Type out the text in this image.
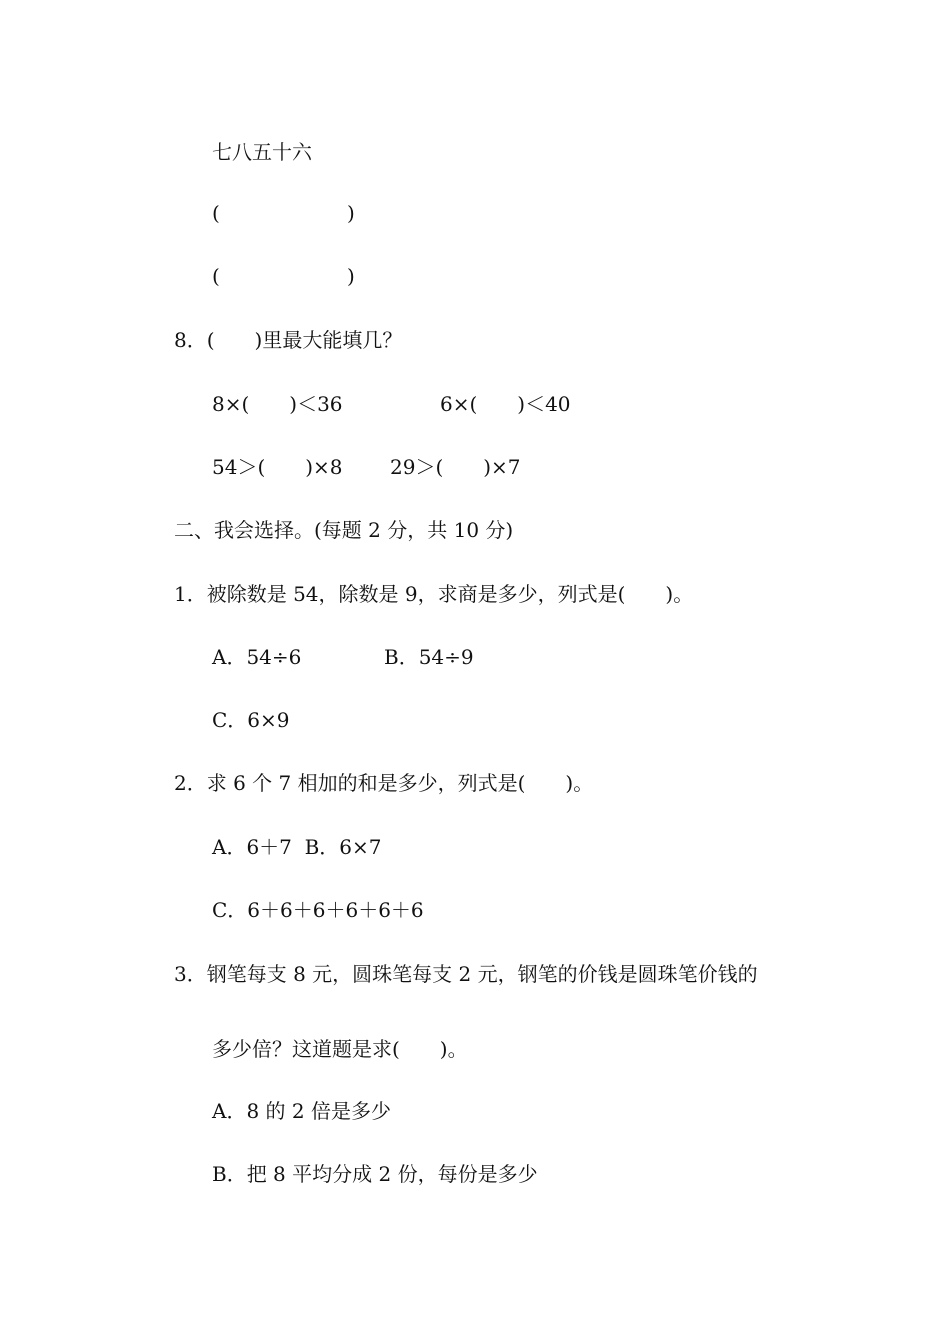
七八五十六
(                    )
(                    )
8．(　　)里最大能填几？
8×(　　)＜36	6×(　　)＜40
54＞(　　)×8 29＞(　　)×7
二、我会选择。(每题 2 分，共 10 分)
1．被除数是 54，除数是 9，求商是多少，列式是(　　)。
A．54÷6	B．54÷9
C．6×9
2．求 6 个 7 相加的和是多少，列式是(　　)。
A．6＋7  B．6×7
C．6＋6＋6＋6＋6＋6
3．钢笔每支 8 元，圆珠笔每支 2 元，钢笔的价钱是圆珠笔价钱的
多少倍？这道题是求(　　)。
A．8 的 2 倍是多少
B．把 8 平均分成 2 份，每份是多少
